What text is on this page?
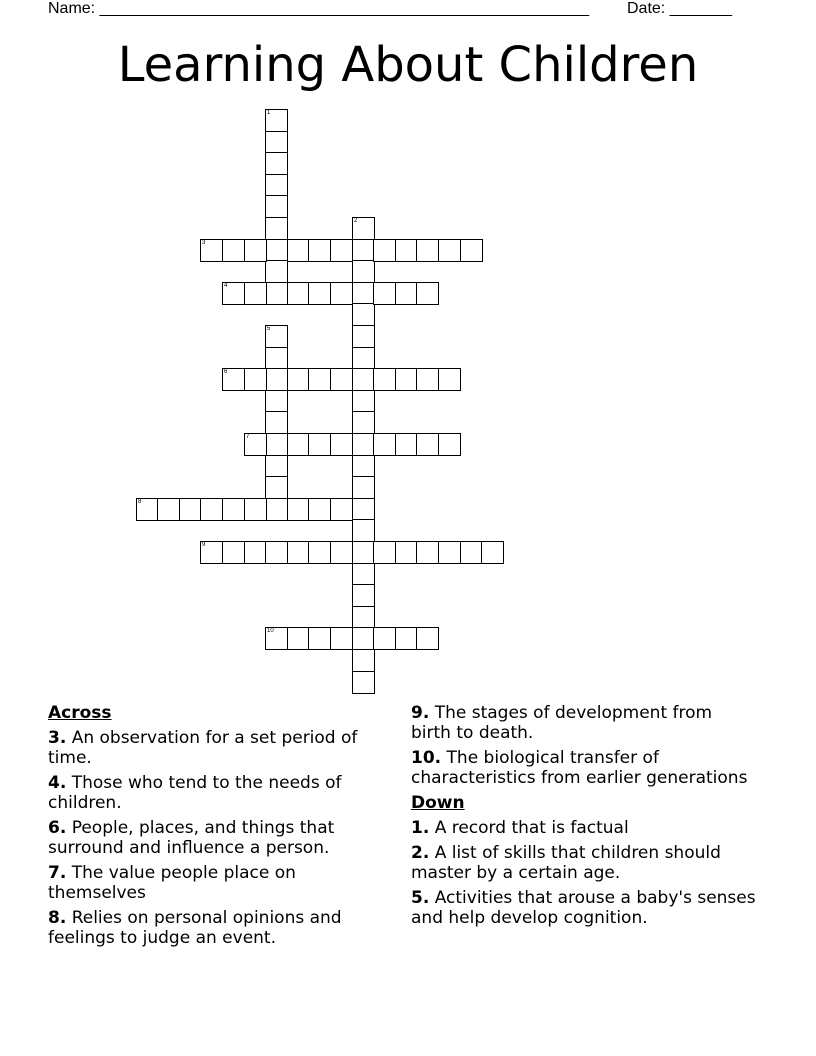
Name: _______________________________________________________ Date: _______
Learning About Children
1
2
3
4
5
6
7
8
9
10
Across
3. An observation for a set period of time.
4. Those who tend to the needs of children.
6. People, places, and things that surround and influence a person.
7. The value people place on themselves
8. Relies on personal opinions and feelings to judge an event.
9. The stages of development from birth to death.
10. The biological transfer of characteristics from earlier generations
Down
1. A record that is factual
2. A list of skills that children should master by a certain age.
5. Activities that arouse a baby's senses and help develop cognition.
